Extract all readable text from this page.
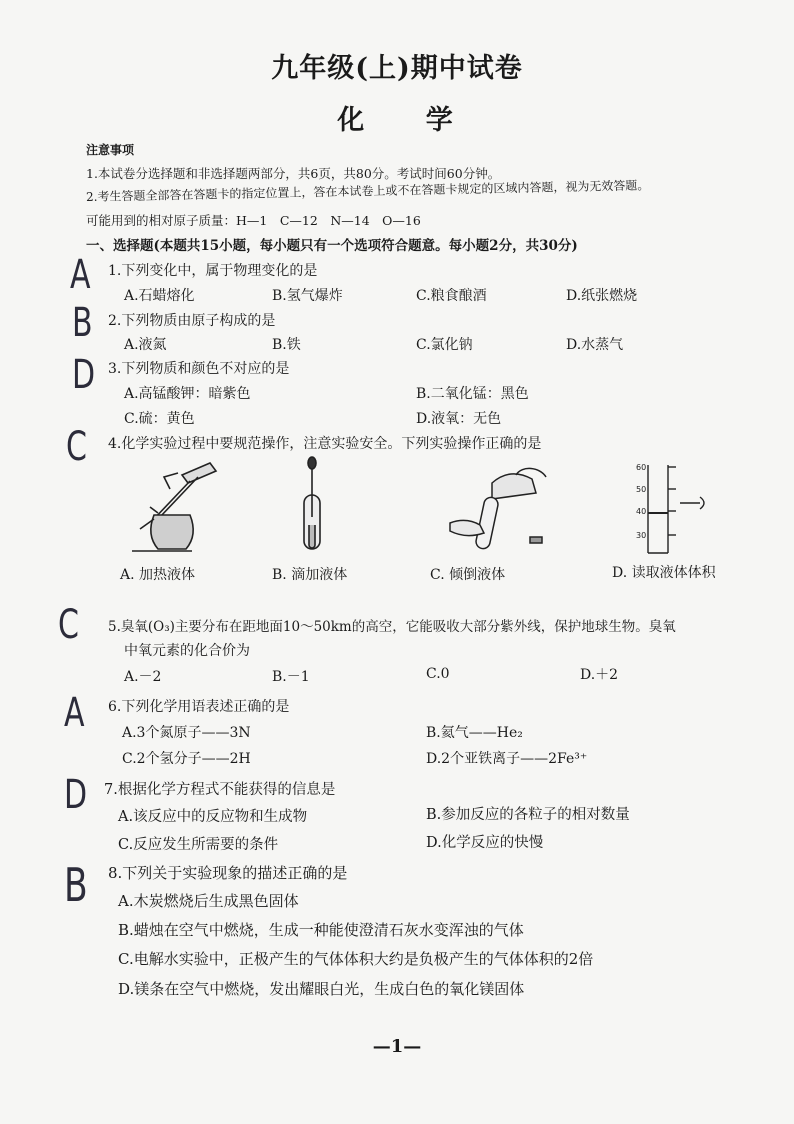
九年级(上)期中试卷
化 学
注意事项
1.本试卷分选择题和非选择题两部分，共6页，共80分。考试时间60分钟。
2.考生答题全部答在答题卡的指定位置上，答在本试卷上或不在答题卡规定的区域内答题，视为无效答题。
可能用到的相对原子质量：H—1　C—12　N—14　O—16
一、选择题(本题共15小题，每小题只有一个选项符合题意。每小题2分，共30分)
A 1.下列变化中，属于物理变化的是
A.石蜡熔化	B.氢气爆炸	C.粮食酿酒	D.纸张燃烧
B 2.下列物质由原子构成的是
A.液氮	B.铁	C.氯化钠	D.水蒸气
D 3.下列物质和颜色不对应的是
A.高锰酸钾：暗紫色	B.二氧化锰：黑色
C.硫：黄色	D.液氧：无色
C 4.化学实验过程中要规范操作，注意实验安全。下列实验操作正确的是
60
50
40
30
A. 加热液体	B. 滴加液体	C. 倾倒液体	D. 读取液体体积
C 5.臭氧(O₃)主要分布在距地面10～50km的高空，它能吸收大部分紫外线，保护地球生物。臭氧
中氧元素的化合价为
A.－2	B.－1	C.0	D.＋2
A 6.下列化学用语表述正确的是
A.3个氮原子——3N	B.氦气——He₂
C.2个氢分子——2H	D.2个亚铁离子——2Fe³⁺
D 7.根据化学方程式不能获得的信息是
A.该反应中的反应物和生成物	B.参加反应的各粒子的相对数量
C.反应发生所需要的条件	D.化学反应的快慢
B 8.下列关于实验现象的描述正确的是
A.木炭燃烧后生成黑色固体
B.蜡烛在空气中燃烧，生成一种能使澄清石灰水变浑浊的气体
C.电解水实验中，正极产生的气体体积大约是负极产生的气体体积的2倍
D.镁条在空气中燃烧，发出耀眼白光，生成白色的氧化镁固体
—1—
